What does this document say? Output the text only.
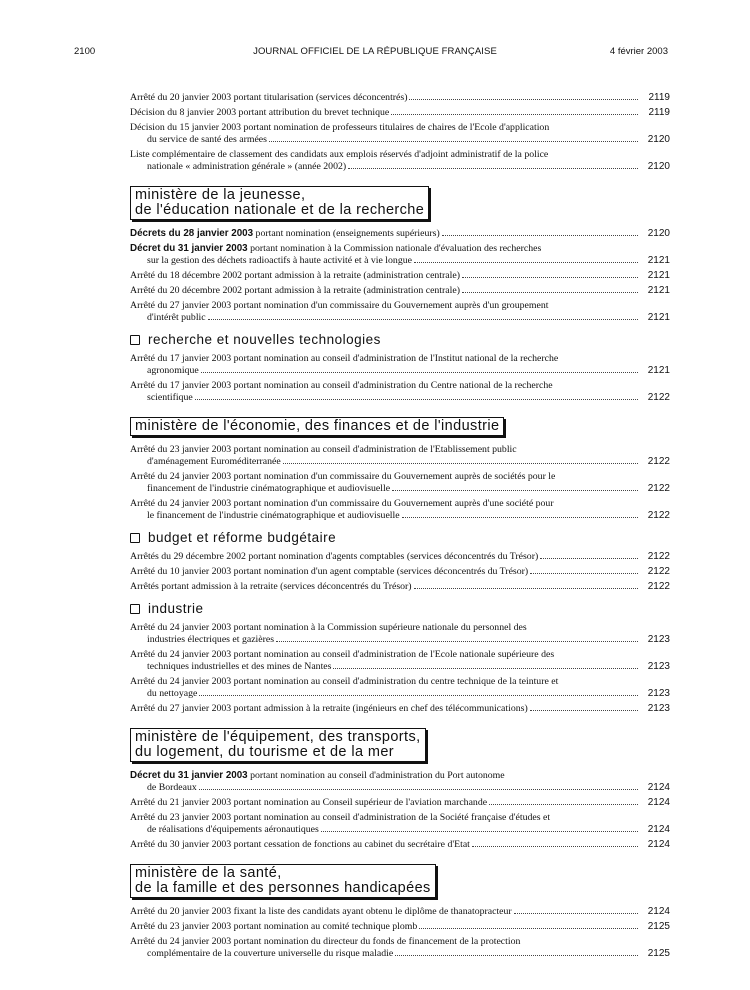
2100	JOURNAL OFFICIEL DE LA RÉPUBLIQUE FRANÇAISE	4 février 2003
Arrêté du 20 janvier 2003 portant titularisation (services déconcentrés)	2119
Décision du 8 janvier 2003 portant attribution du brevet technique	2119
Décision du 15 janvier 2003 portant nomination de professeurs titulaires de chaires de l'Ecole d'application
du service de santé des armées	2120
Liste complémentaire de classement des candidats aux emplois réservés d'adjoint administratif de la police
nationale « administration générale » (année 2002)	2120
ministère de la jeunesse,
de l'éducation nationale et de la recherche
Décrets du 28 janvier 2003 portant nomination (enseignements supérieurs)	2120
Décret du 31 janvier 2003 portant nomination à la Commission nationale d'évaluation des recherches
sur la gestion des déchets radioactifs à haute activité et à vie longue	2121
Arrêté du 18 décembre 2002 portant admission à la retraite (administration centrale)	2121
Arrêté du 20 décembre 2002 portant admission à la retraite (administration centrale)	2121
Arrêté du 27 janvier 2003 portant nomination d'un commissaire du Gouvernement auprès d'un groupement
d'intérêt public	2121
recherche et nouvelles technologies
Arrêté du 17 janvier 2003 portant nomination au conseil d'administration de l'Institut national de la recherche
agronomique	2121
Arrêté du 17 janvier 2003 portant nomination au conseil d'administration du Centre national de la recherche
scientifique	2122
ministère de l'économie, des finances et de l'industrie
Arrêté du 23 janvier 2003 portant nomination au conseil d'administration de l'Etablissement public
d'aménagement Euroméditerranée	2122
Arrêté du 24 janvier 2003 portant nomination d'un commissaire du Gouvernement auprès de sociétés pour le
financement de l'industrie cinématographique et audiovisuelle	2122
Arrêté du 24 janvier 2003 portant nomination d'un commissaire du Gouvernement auprès d'une société pour
le financement de l'industrie cinématographique et audiovisuelle	2122
budget et réforme budgétaire
Arrêtés du 29 décembre 2002 portant nomination d'agents comptables (services déconcentrés du Trésor)	2122
Arrêté du 10 janvier 2003 portant nomination d'un agent comptable (services déconcentrés du Trésor)	2122
Arrêtés portant admission à la retraite (services déconcentrés du Trésor)	2122
industrie
Arrêté du 24 janvier 2003 portant nomination à la Commission supérieure nationale du personnel des
industries électriques et gazières	2123
Arrêté du 24 janvier 2003 portant nomination au conseil d'administration de l'Ecole nationale supérieure des
techniques industrielles et des mines de Nantes	2123
Arrêté du 24 janvier 2003 portant nomination au conseil d'administration du centre technique de la teinture et
du nettoyage	2123
Arrêté du 27 janvier 2003 portant admission à la retraite (ingénieurs en chef des télécommunications)	2123
ministère de l'équipement, des transports,
du logement, du tourisme et de la mer
Décret du 31 janvier 2003 portant nomination au conseil d'administration du Port autonome
de Bordeaux	2124
Arrêté du 21 janvier 2003 portant nomination au Conseil supérieur de l'aviation marchande	2124
Arrêté du 23 janvier 2003 portant nomination au conseil d'administration de la Société française d'études et
de réalisations d'équipements aéronautiques	2124
Arrêté du 30 janvier 2003 portant cessation de fonctions au cabinet du secrétaire d'Etat	2124
ministère de la santé,
de la famille et des personnes handicapées
Arrêté du 20 janvier 2003 fixant la liste des candidats ayant obtenu le diplôme de thanatopracteur	2124
Arrêté du 23 janvier 2003 portant nomination au comité technique plomb	2125
Arrêté du 24 janvier 2003 portant nomination du directeur du fonds de financement de la protection
complémentaire de la couverture universelle du risque maladie	2125
